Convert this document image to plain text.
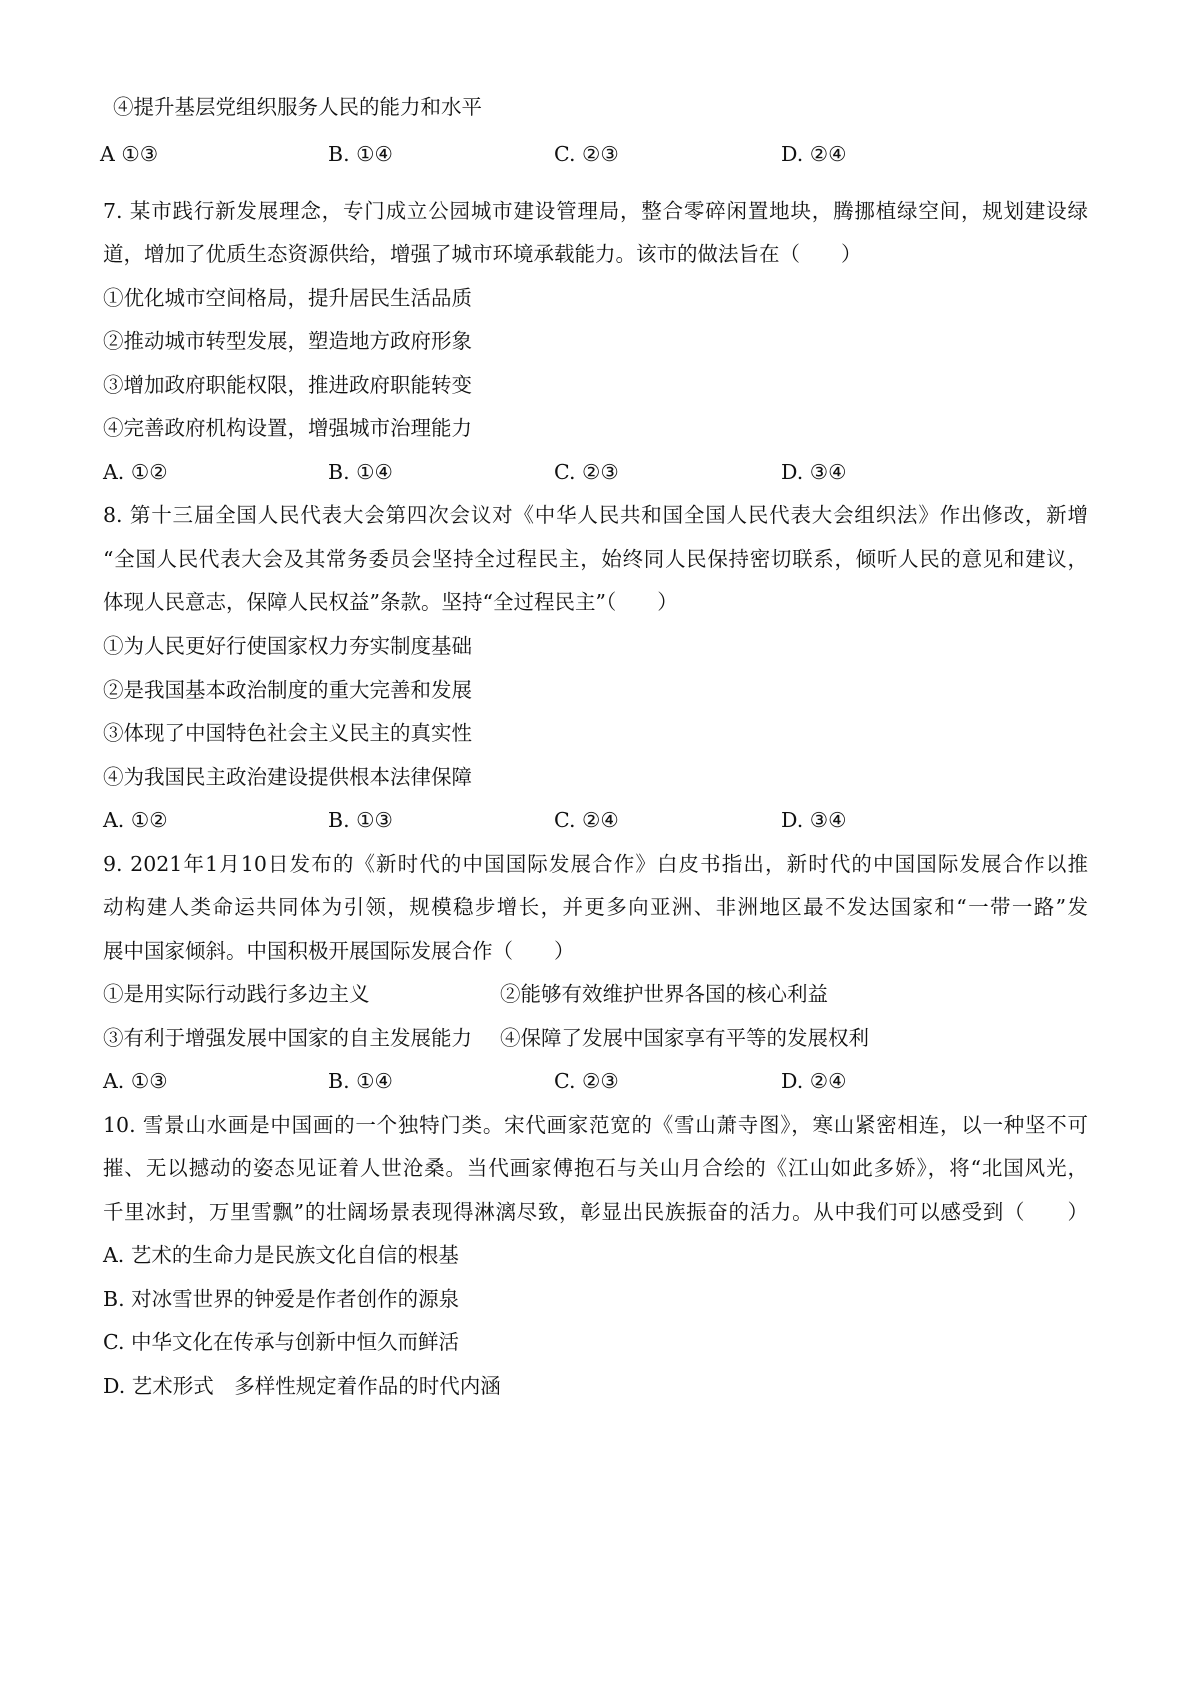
④提升基层党组织服务人民的能力和水平
A ①③	B. ①④	C. ②③	D. ②④
7. 某市践行新发展理念，专门成立公园城市建设管理局，整合零碎闲置地块，腾挪植绿空间，规划建设绿
道，增加了优质生态资源供给，增强了城市环境承载能力。该市的做法旨在（　　）
①优化城市空间格局，提升居民生活品质
②推动城市转型发展，塑造地方政府形象
③增加政府职能权限，推进政府职能转变
④完善政府机构设置，增强城市治理能力
A. ①②	B. ①④	C. ②③	D. ③④
8. 第十三届全国人民代表大会第四次会议对《中华人民共和国全国人民代表大会组织法》作出修改，新增
“全国人民代表大会及其常务委员会坚持全过程民主，始终同人民保持密切联系，倾听人民的意见和建议，
体现人民意志，保障人民权益”条款。坚持“全过程民主”（　　）
①为人民更好行使国家权力夯实制度基础
②是我国基本政治制度的重大完善和发展
③体现了中国特色社会主义民主的真实性
④为我国民主政治建设提供根本法律保障
A. ①②	B. ①③	C. ②④	D. ③④
9. 2021年1月10日发布的《新时代的中国国际发展合作》白皮书指出，新时代的中国国际发展合作以推
动构建人类命运共同体为引领，规模稳步增长，并更多向亚洲、非洲地区最不发达国家和“一带一路”发
展中国家倾斜。中国积极开展国际发展合作（　　）
①是用实际行动践行多边主义	②能够有效维护世界各国的核心利益
③有利于增强发展中国家的自主发展能力 ④保障了发展中国家享有平等的发展权利
A. ①③	B. ①④	C. ②③	D. ②④
10. 雪景山水画是中国画的一个独特门类。宋代画家范宽的《雪山萧寺图》，寒山紧密相连，以一种坚不可
摧、无以撼动的姿态见证着人世沧桑。当代画家傅抱石与关山月合绘的《江山如此多娇》，将“北国风光，
千里冰封，万里雪飘”的壮阔场景表现得淋漓尽致，彰显出民族振奋的活力。从中我们可以感受到（　　）
A. 艺术的生命力是民族文化自信的根基
B. 对冰雪世界的钟爱是作者创作的源泉
C. 中华文化在传承与创新中恒久而鲜活
D. 艺术形式　多样性规定着作品的时代内涵
